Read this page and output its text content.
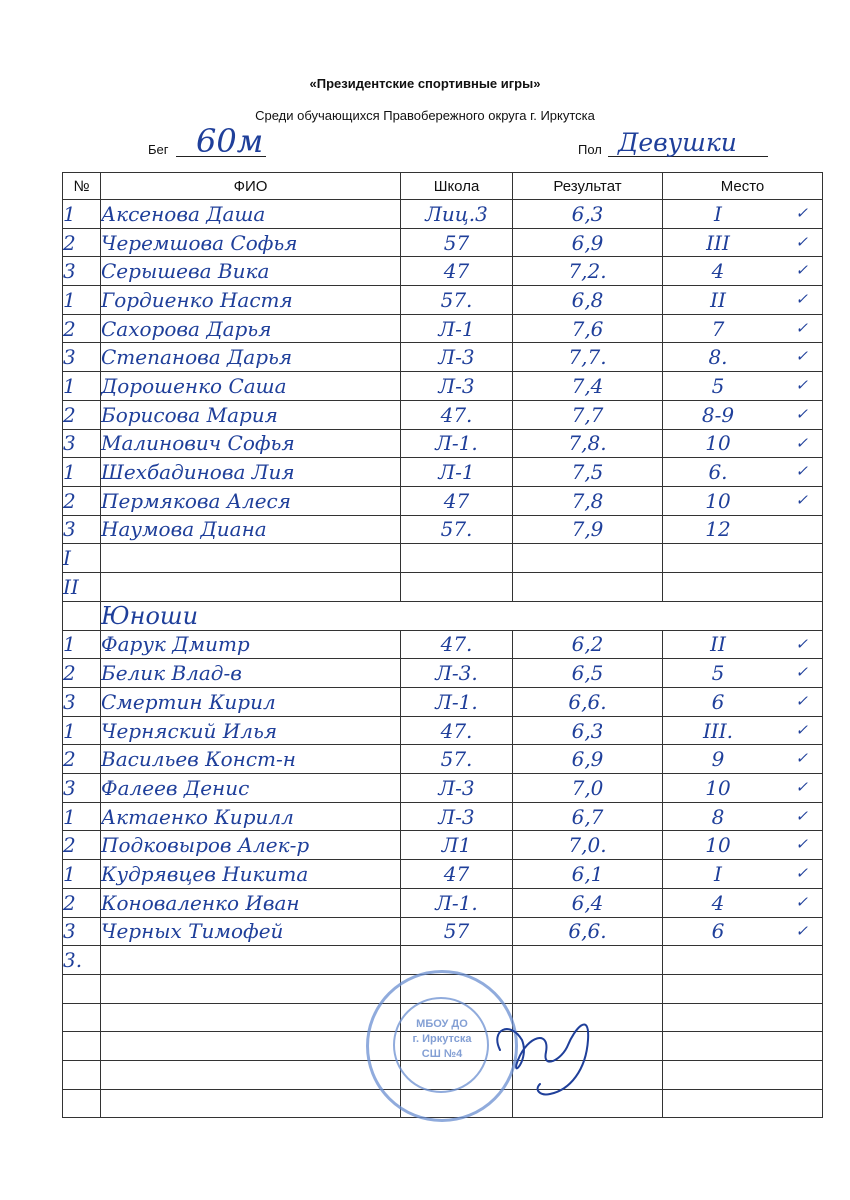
«Президентские спортивные игры»
Среди обучающихся Правобережного округа г. Иркутска
Бег 60м	Пол Девушки
№	ФИО	Школа	Результат	Место
1	Аксенова Даша	Лиц.3	6,3	I ✓

2	Черемшова Софья	57	6,9	III ✓

3	Серышева Вика	47	7,2.	4 ✓

1	Гордиенко Настя	57.	6,8	II ✓

2	Сахорова Дарья	Л-1	7,6	7 ✓

3	Степанова Дарья	Л-3	7,7.	8. ✓

1	Дорошенко Саша	Л-3	7,4	5 ✓

2	Борисова Мария	47.	7,7	8-9 ✓

3	Малинович Софья	Л-1.	7,8.	10 ✓

1	Шехбадинова Лия	Л-1	7,5	6. ✓

2	Пермякова Алеся	47	7,8	10 ✓

3	Наумова Диана	57.	7,9	12

I				

II				

	Юноши			
1	Фарук Дмитр	47.	6,2	II ✓

2	Белик Влад-в	Л-3.	6,5	5 ✓

3	Смертин Кирил	Л-1.	6,6.	6 ✓

1	Черняский Илья	47.	6,3	III. ✓

2	Васильев Конст-н	57.	6,9	9 ✓

3	Фалеев Денис	Л-3	7,0	10 ✓

1	Актаенко Кирилл	Л-3	6,7	8 ✓

2	Подковыров Алек-р	Л1	7,0.	10 ✓

1	Кудрявцев Никита	47	6,1	I ✓

2	Коноваленко Иван	Л-1.	6,4	4 ✓

3	Черных Тимофей	57	6,6.	6 ✓

3.				

МБОУ ДО
г. Иркутска
СШ №4
